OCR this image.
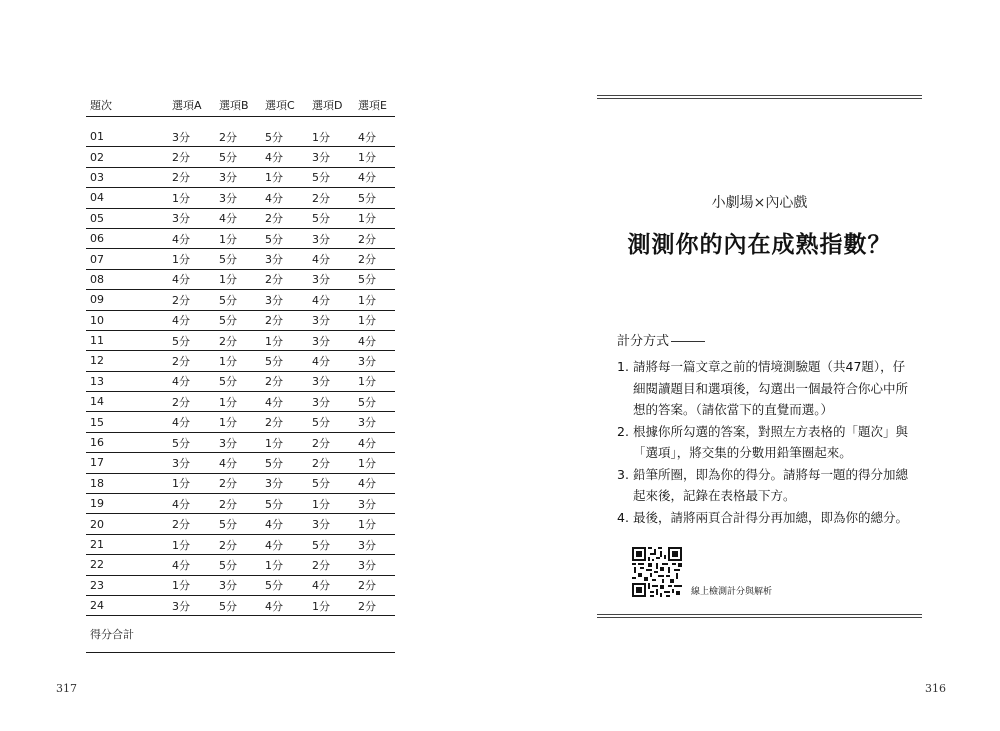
題次	選項A	選項B	選項C	選項D	選項E

01	3分	2分	5分	1分	4分
02	2分	5分	4分	3分	1分
03	2分	3分	1分	5分	4分
04	1分	3分	4分	2分	5分
05	3分	4分	2分	5分	1分
06	4分	1分	5分	3分	2分
07	1分	5分	3分	4分	2分
08	4分	1分	2分	3分	5分
09	2分	5分	3分	4分	1分
10	4分	5分	2分	3分	1分
11	5分	2分	1分	3分	4分
12	2分	1分	5分	4分	3分
13	4分	5分	2分	3分	1分
14	2分	1分	4分	3分	5分
15	4分	1分	2分	5分	3分
16	5分	3分	1分	2分	4分
17	3分	4分	5分	2分	1分
18	1分	2分	3分	5分	4分
19	4分	2分	5分	1分	3分
20	2分	5分	4分	3分	1分
21	1分	2分	4分	5分	3分
22	4分	5分	1分	2分	3分
23	1分	3分	5分	4分	2分
24	3分	5分	4分	1分	2分
得分合計					
317
小劇場×內心戲
測測你的內在成熟指數？
計分方式
1. 請將每一篇文章之前的情境測驗題（共47題），仔細閱讀題目和選項後，勾選出一個最符合你心中所想的答案。（請依當下的直覺而選。）
2. 根據你所勾選的答案，對照左方表格的「題次」與「選項」，將交集的分數用鉛筆圈起來。
3. 鉛筆所圈，即為你的得分。請將每一題的得分加總起來後，記錄在表格最下方。
4. 最後，請將兩頁合計得分再加總，即為你的總分。
線上檢測計分與解析
316
